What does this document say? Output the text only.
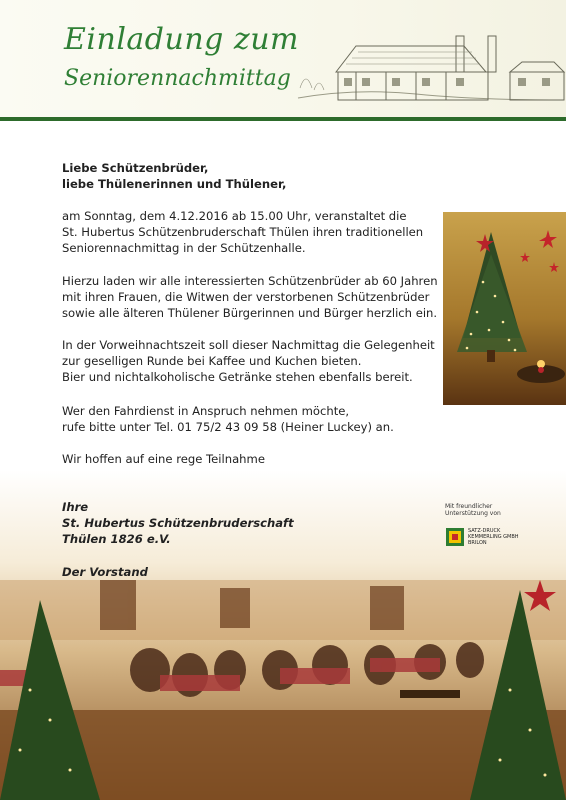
Einladung zum
Seniorennachmittag
Liebe Schützenbrüder,
liebe Thülenerinnen und Thülener,
am Sonntag, dem 4.12.2016 ab 15.00 Uhr, veranstaltet die
St. Hubertus Schützenbruderschaft Thülen ihren traditionellen
Seniorennachmittag in der Schützenhalle.
Hierzu laden wir alle interessierten Schützenbrüder ab 60 Jahren
mit ihren Frauen, die Witwen der verstorbenen Schützenbrüder
sowie alle älteren Thülener Bürgerinnen und Bürger herzlich ein.
In der Vorweihnachtszeit soll dieser Nachmittag die Gelegenheit
zur geselligen Runde bei Kaffee und Kuchen bieten.
Bier und nichtalkoholische Getränke stehen ebenfalls bereit.
Wer den Fahrdienst in Anspruch nehmen möchte,
rufe bitte unter Tel. 01 75/2 43 09 58 (Heiner Luckey) an.
Wir hoffen auf eine rege Teilnahme
Ihre
St. Hubertus Schützenbruderschaft
Thülen 1826 e.V.
Der Vorstand
Mit freundlicher
Unterstützung von
SATZ-DRUCK
KEMMERLING GMBH
BRILON
